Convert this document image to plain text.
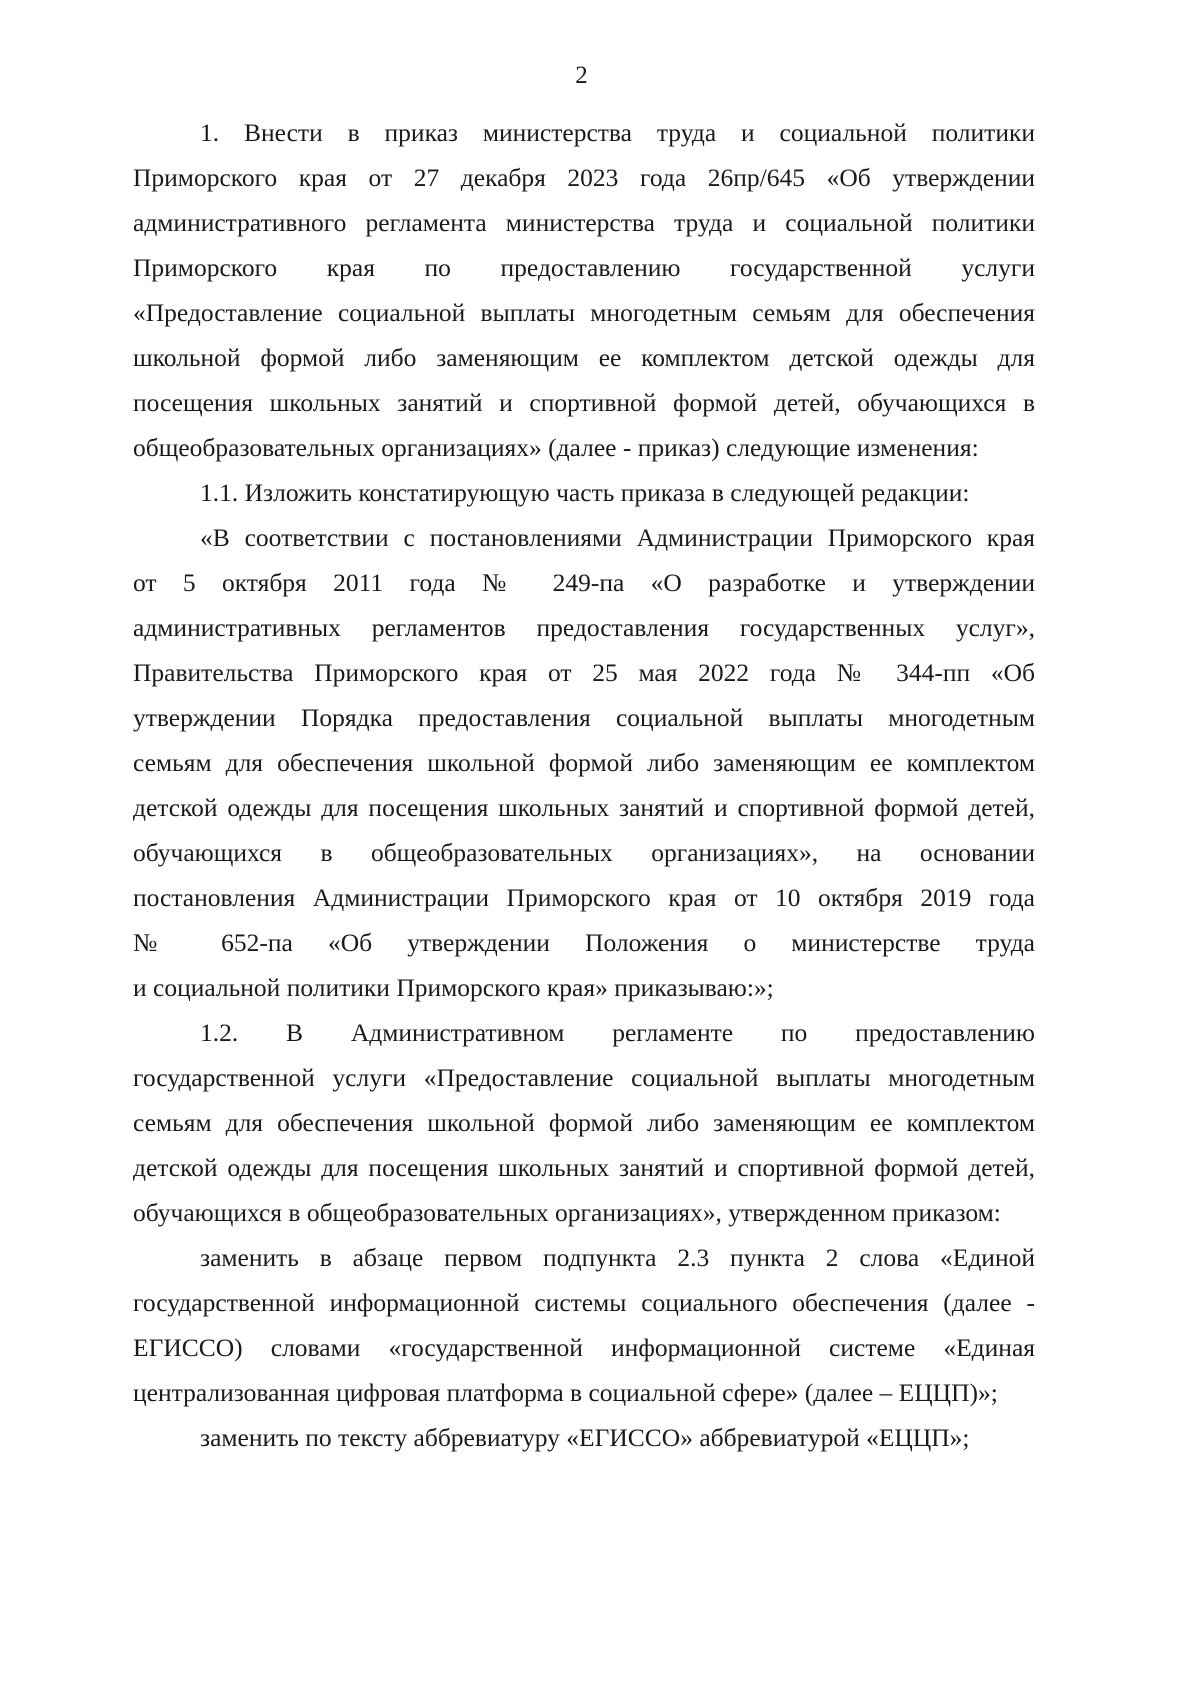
2
1. Внести в приказ министерства труда и социальной политики
Приморского края от 27 декабря 2023 года 26пр/645 «Об утверждении
административного регламента министерства труда и социальной политики
Приморского края по предоставлению государственной услуги
«Предоставление социальной выплаты многодетным семьям для обеспечения
школьной формой либо заменяющим ее комплектом детской одежды для
посещения школьных занятий и спортивной формой детей, обучающихся в
общеобразовательных организациях» (далее - приказ) следующие изменения:
1.1. Изложить констатирующую часть приказа в следующей редакции:
«В соответствии с постановлениями Администрации Приморского края
от 5 октября 2011 года № 249-па «О разработке и утверждении
административных регламентов предоставления государственных услуг»,
Правительства Приморского края от 25 мая 2022 года № 344-пп «Об
утверждении Порядка предоставления социальной выплаты многодетным
семьям для обеспечения школьной формой либо заменяющим ее комплектом
детской одежды для посещения школьных занятий и спортивной формой детей,
обучающихся в общеобразовательных организациях», на основании
постановления Администрации Приморского края от 10 октября 2019 года
№ 652-па «Об утверждении Положения о министерстве труда
и социальной политики Приморского края» приказываю:»;
1.2. В Административном регламенте по предоставлению
государственной услуги «Предоставление социальной выплаты многодетным
семьям для обеспечения школьной формой либо заменяющим ее комплектом
детской одежды для посещения школьных занятий и спортивной формой детей,
обучающихся в общеобразовательных организациях», утвержденном приказом:
заменить в абзаце первом подпункта 2.3 пункта 2 слова «Единой
государственной информационной системы социального обеспечения (далее -
ЕГИССО) словами «государственной информационной системе «Единая
централизованная цифровая платформа в социальной сфере» (далее – ЕЦЦП)»;
заменить по тексту аббревиатуру «ЕГИССО» аббревиатурой «ЕЦЦП»;
